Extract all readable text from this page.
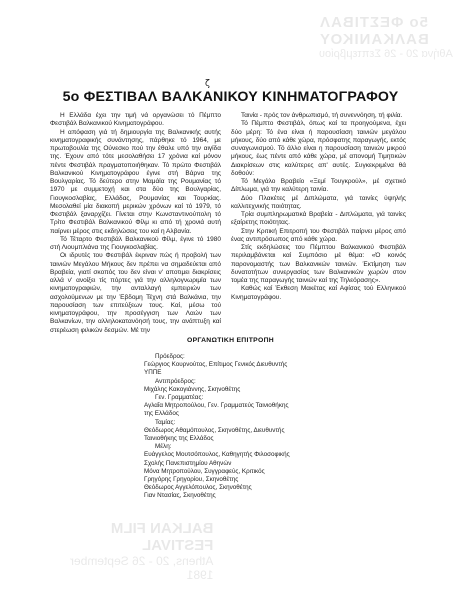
5o ΦΕΣΤΙΒΑΛ
ΒΑΛΚΑΝΙΚΟΥ
Αθήνα 20 - 26 Σεπτεμβρίου
BALKAN FILM
FESTIVAL
Athens, 20 - 26 September
1981
ζ
5ο ΦΕΣΤΙΒΑΛ ΒΑΛΚΑΝΙΚΟΥ ΚΙΝΗΜΑΤΟΓΡΑΦΟΥ

Η Ελλάδα έχει την τιμή νά οργανώσει τό Πέμπτο Φεστιβάλ Βαλκανικού Κινηματογράφου.

Η απόφαση γιά τή δημιουργία της Βαλκανικής αυτής κινηματογραφικής συνάντησης, πάρθηκε τό 1964, με πρωτοβουλία της Ούνεσκο πού την έθαλε υπό την αιγίδα της. Έχουν από τότε μεσολαθήσει 17 χρόνια καί μόνον πέντε Φεστιβάλ πραγματοποιήθηκαν. Τό πρώτο Φεστιβάλ Βαλκανικού Κινηματογράφου έγινε στή Βάρνα της Βουλγαρίας. Τό δεύτερο στην Μαμάϊα της Ρουμανίας τό 1970 με συμμετοχή και στα δύο της Βουλγαρίας, Γιουγκοσλαβίας, Ελλάδας, Ρουμανίας και Τουρκίας. Μεσολαθεί μία διακοπή μερικών χρόνων καί τό 1979, τό Φεστιβάλ ξαναρχίζει. Γίνεται στην Κωνσταντινούπολη τό Τρίτο Φεστιβάλ Βαλκανικού Φίλμ κι από τή χρονιά αυτή παίρνει μέρος στις εκδηλώσεις του καί η Αλβανία.

Τό Τέταρτο Φεστιβάλ Βαλκανικού Φίλμ, έγινε τό 1980 στή Λιουμπλιάνα της Γιουγκοσλαβίας.

Οι ιδρυτές του Φεστιβάλ έκριναν πώς ή προβολή των ταινιών Μεγάλου Μήκους δεν πρέπει να σημαδεύεται από Βραβεία, γιατί σκοπός του δεν είναι ν' αποτιμει διακρίσεις αλλά ν' ανοίξει τίς πόρτες γιά την αλληλογνωριμία των κινηματογραφιών, την ανταλλαγή εμπειριών των ασχολούμενων με την Έβδομη Τέχνη στά Βαλκάνια, την παρουσίαση των επιτεύξεων τους. Καί, μέσω τού κινηματογράφου, την προσέγγιση των Λαών των Βαλκανίων, την αλληλοκατανόησή τους, την ανάπτυξη καί στερέωση φιλικών δεσμών. Μέ την

Ταινία - πρός τον άνθρωπισμό, τή συνεννόηση, τή φιλία.

Τό Πέμπτο Φεστιβάλ, όπως καί τα προηγούμενα, έχει δύο μέρη: Τό ένα είναι ή παρουσίαση ταινιών μεγάλου μήκους, δύο από κάθε χώρα, πρόσφατης παραγωγής, εκτός συναγωνισμού. Τό άλλο είναι η παρουσίαση ταινιών μικρού μήκους, έως πέντε από κάθε χώρα, μέ απονομή Τιμητικών Διακρίσεων στις καλύτερες απ' αυτές. Συγκεκριμένα θά δοθούν:

Τό Μεγάλο Βραβείο «Ξεμί Τουγκρούλ», μέ σχετικό Δίπλωμα, γιά την καλύτερη ταινία.

Δύο Πλακέτες μέ Διπλώματα, γιά ταινίες ύψηλής καλλιτεχνικής ποιότητας.

Τρία συμπληρωματικά Βραβεία - Διπλώματα, γιά ταινίες εξαίρετης ποιότητας.

Στην Κριτική Επιτροπή του Φεστιβάλ παίρνει μέρος από ένας αντιπρόσωπος από κάθε χώρα.

Στίς εκδηλώσεις του Πέμπτου Βαλκανικού Φεστιβάλ περιλαμβάνεται καί Συμπόσιο μέ θέμα: «Ό κοινός παρονομαστής των Βαλκανικών ταινιών. Έκτίμηση των δυνατοτήτων συνεργασίας των Βαλκανικών χωρών στον τομέα της παραγωγής ταινιών καί της Τηλεόρασης».

Καθώς καί Έκθεση Μακέτας καί Αφίσας τού Ελληνικού Κινηματογράφου.

ΟΡΓΑΝΩΤΙΚΗ ΕΠΙΤΡΟΠΗ
Πρόεδρος:
Γεώργιος Κουρνούτος, Επίτιμος Γενικός Διευθυντής
ΥΠΠΕ
Αντιπρόεδρος:
Μιχάλης Κακογιάννης, Σκηνοθέτης
Γεν. Γραμματέας:
Αγλαΐα Μητροπούλου, Γεν. Γραμματεύς Ταινιοθήκης
της Ελλάδος
Ταμίας:
Θεόδωρος Αθαμόπουλος, Σκηνοθέτης, Διευθυντής
Ταινιοθήκης της Ελλάδος
Μέλη:
Ευάγγελος Μουτσόπουλος, Καθηγητής Φιλοσοφικής
Σχολής Πανεπιστημίου Αθηνών
Μόνα Μητροπούλου, Συγγραφεύς, Κριτικός
Γρηγόρης Γρηγορίου, Σκηνοθέτης
Θεόδωρος Αγγελόπουλος, Σκηνοθέτης
Γιαν Ντασίας, Σκηνοθέτης
